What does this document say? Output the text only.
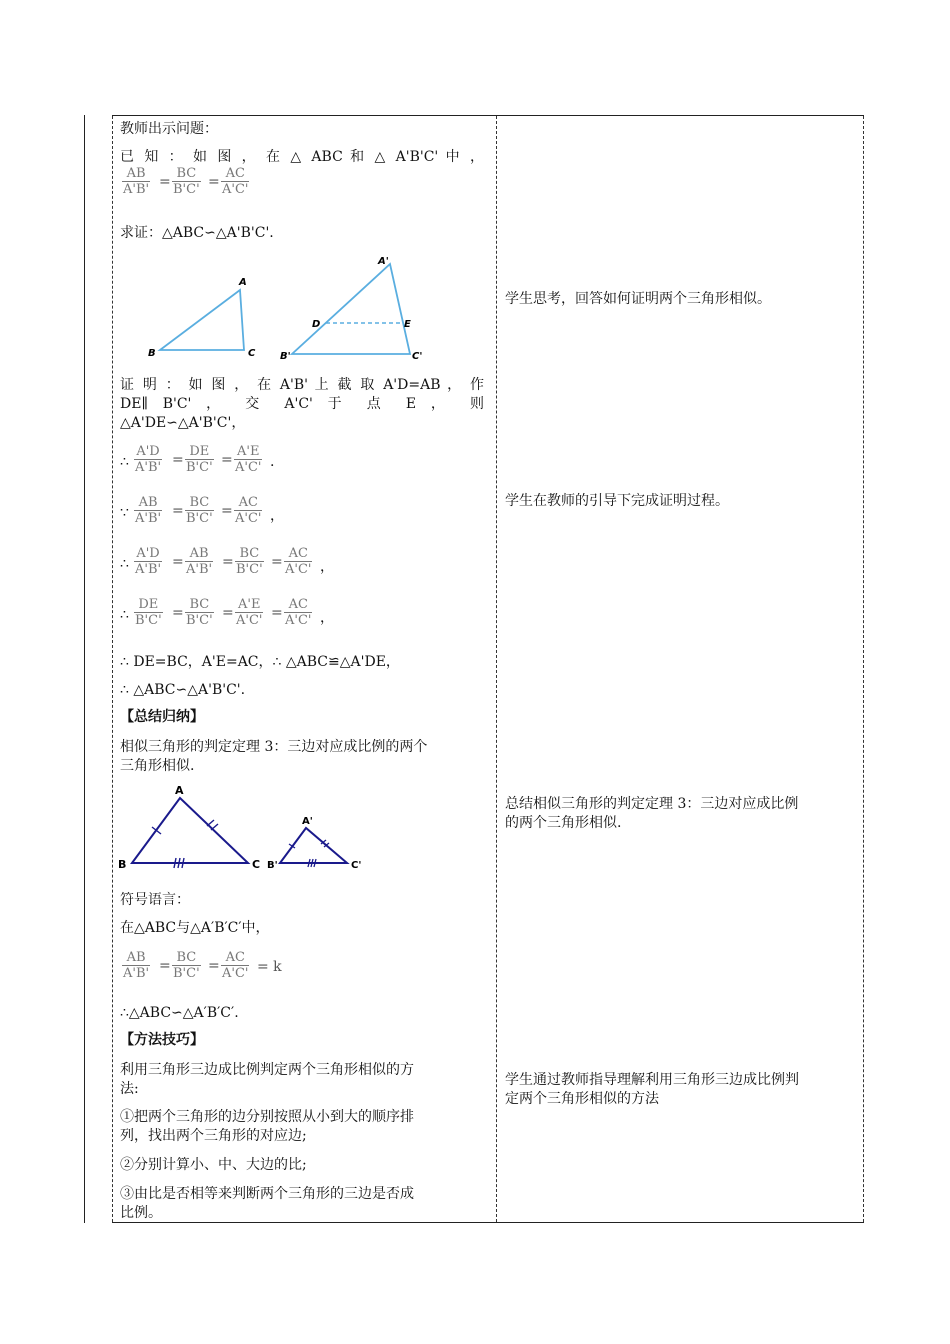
教师出示问题：
已 知 ： 如 图 ， 在 △ ABC 和 △ A'B'C' 中 ，
$\frac{AB}{A'B'} = \frac{BC}{B'C'} = \frac{AC}{A'C'}$
求证：△ABC∽△A'B'C'.
A
B	C
A'
B'	C'
D	E
证 明 ： 如 图 ， 在 A'B' 上 截 取 A'D=AB ， 作
DE∥ B'C' ， 交 A'C' 于 点 E ， 则
△A'DE∽△A'B'C'，
∴ $\frac{A'D}{A'B'} = \frac{DE}{B'C'} = \frac{A'E}{A'C'}$ .
∵ $\frac{AB}{A'B'} = \frac{BC}{B'C'} = \frac{AC}{A'C'}$ ，
∴ $\frac{A'D}{A'B'} = \frac{AB}{A'B'} = \frac{BC}{B'C'} = \frac{AC}{A'C'}$ ，
∴ $\frac{DE}{B'C'} = \frac{BC}{B'C'} = \frac{A'E}{A'C'} = \frac{AC}{A'C'}$ ，
∴ DE=BC，A'E=AC，∴ △ABC≌△A'DE，
∴ △ABC∽△A'B'C'.
【总结归纳】
相似三角形的判定定理 3：三边对应成比例的两个
三角形相似.
A
B	C
A'
B'	C'
符号语言：
在△ABC与△A′B′C′中，
$\frac{AB}{A'B'} = \frac{BC}{B'C'} = \frac{AC}{A'C'} = k$
∴△ABC∽△A′B′C′.
【方法技巧】
利用三角形三边成比例判定两个三角形相似的方
法:
①把两个三角形的边分别按照从小到大的顺序排
列，找出两个三角形的对应边;
②分别计算小、中、大边的比;
③由比是否相等来判断两个三角形的三边是否成
比例。
学生思考，回答如何证明两个三角形相似。
学生在教师的引导下完成证明过程。
总结相似三角形的判定定理 3：三边对应成比例
的两个三角形相似.
学生通过教师指导理解利用三角形三边成比例判
定两个三角形相似的方法
